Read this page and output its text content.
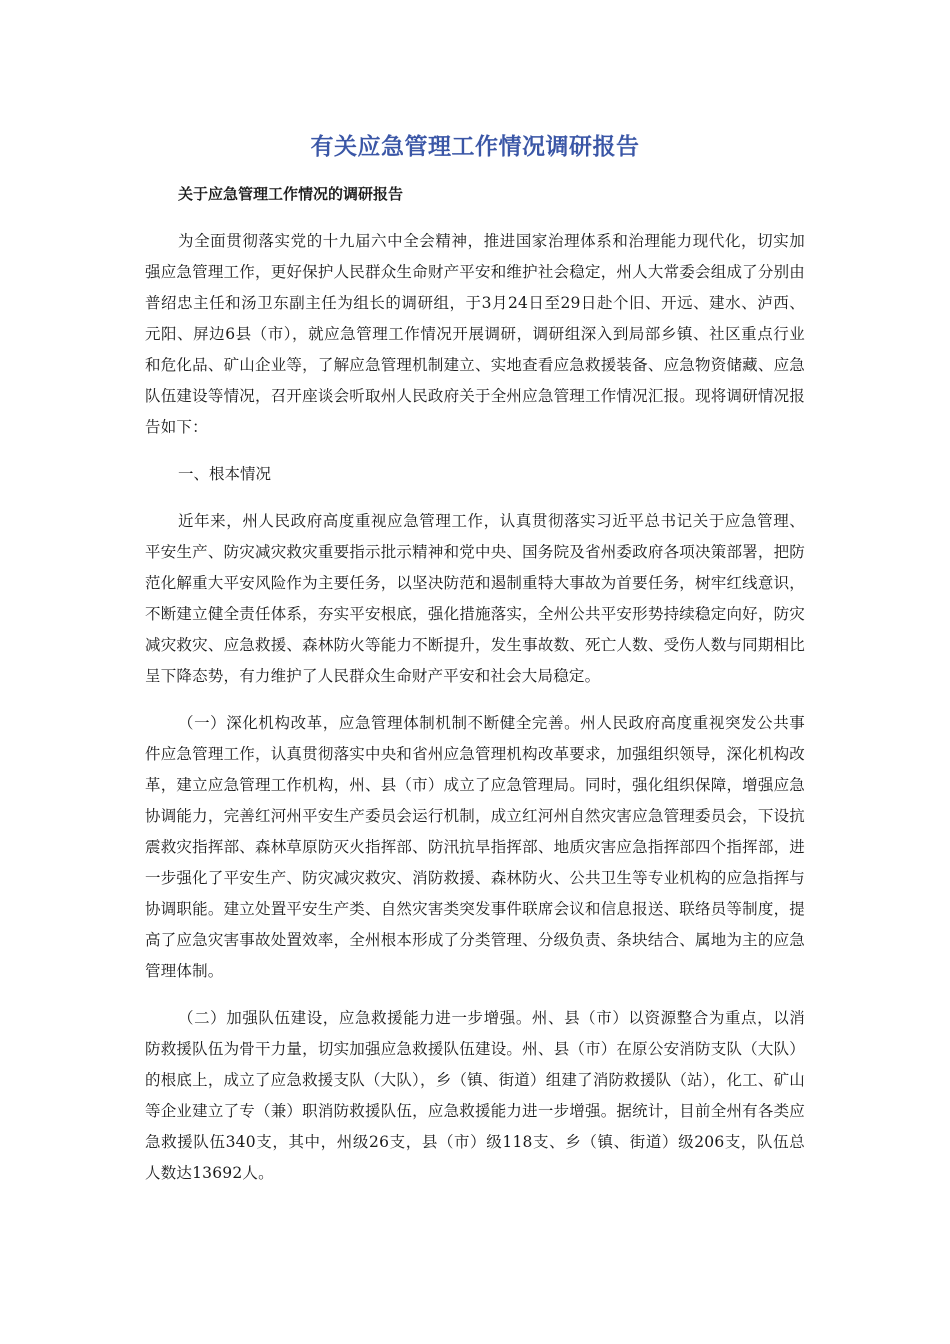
有关应急管理工作情况调研报告

关于应急管理工作情况的调研报告

为全面贯彻落实党的十九届六中全会精神，推进国家治理体系和治理能力现代化，切实加强应急管理工作，更好保护人民群众生命财产平安和维护社会稳定，州人大常委会组成了分别由普绍忠主任和汤卫东副主任为组长的调研组，于3月24日至29日赴个旧、开远、建水、泸西、元阳、屏边6县（市），就应急管理工作情况开展调研，调研组深入到局部乡镇、社区重点行业和危化品、矿山企业等，了解应急管理机制建立、实地查看应急救援装备、应急物资储藏、应急队伍建设等情况，召开座谈会听取州人民政府关于全州应急管理工作情况汇报。现将调研情况报告如下：

一、根本情况

近年来，州人民政府高度重视应急管理工作，认真贯彻落实习近平总书记关于应急管理、平安生产、防灾减灾救灾重要指示批示精神和党中央、国务院及省州委政府各项决策部署，把防范化解重大平安风险作为主要任务，以坚决防范和遏制重特大事故为首要任务，树牢红线意识，不断建立健全责任体系，夯实平安根底，强化措施落实，全州公共平安形势持续稳定向好，防灾减灾救灾、应急救援、森林防火等能力不断提升，发生事故数、死亡人数、受伤人数与同期相比呈下降态势，有力维护了人民群众生命财产平安和社会大局稳定。

（一）深化机构改革，应急管理体制机制不断健全完善。州人民政府高度重视突发公共事件应急管理工作，认真贯彻落实中央和省州应急管理机构改革要求，加强组织领导，深化机构改革，建立应急管理工作机构，州、县（市）成立了应急管理局。同时，强化组织保障，增强应急协调能力，完善红河州平安生产委员会运行机制，成立红河州自然灾害应急管理委员会，下设抗震救灾指挥部、森林草原防灭火指挥部、防汛抗旱指挥部、地质灾害应急指挥部四个指挥部，进一步强化了平安生产、防灾减灾救灾、消防救援、森林防火、公共卫生等专业机构的应急指挥与协调职能。建立处置平安生产类、自然灾害类突发事件联席会议和信息报送、联络员等制度，提高了应急灾害事故处置效率，全州根本形成了分类管理、分级负责、条块结合、属地为主的应急管理体制。

（二）加强队伍建设，应急救援能力进一步增强。州、县（市）以资源整合为重点，以消防救援队伍为骨干力量，切实加强应急救援队伍建设。州、县（市）在原公安消防支队（大队）的根底上，成立了应急救援支队（大队），乡（镇、街道）组建了消防救援队（站），化工、矿山等企业建立了专（兼）职消防救援队伍，应急救援能力进一步增强。据统计，目前全州有各类应急救援队伍340支，其中，州级26支，县（市）级118支、乡（镇、街道）级206支，队伍总人数达13692人。
